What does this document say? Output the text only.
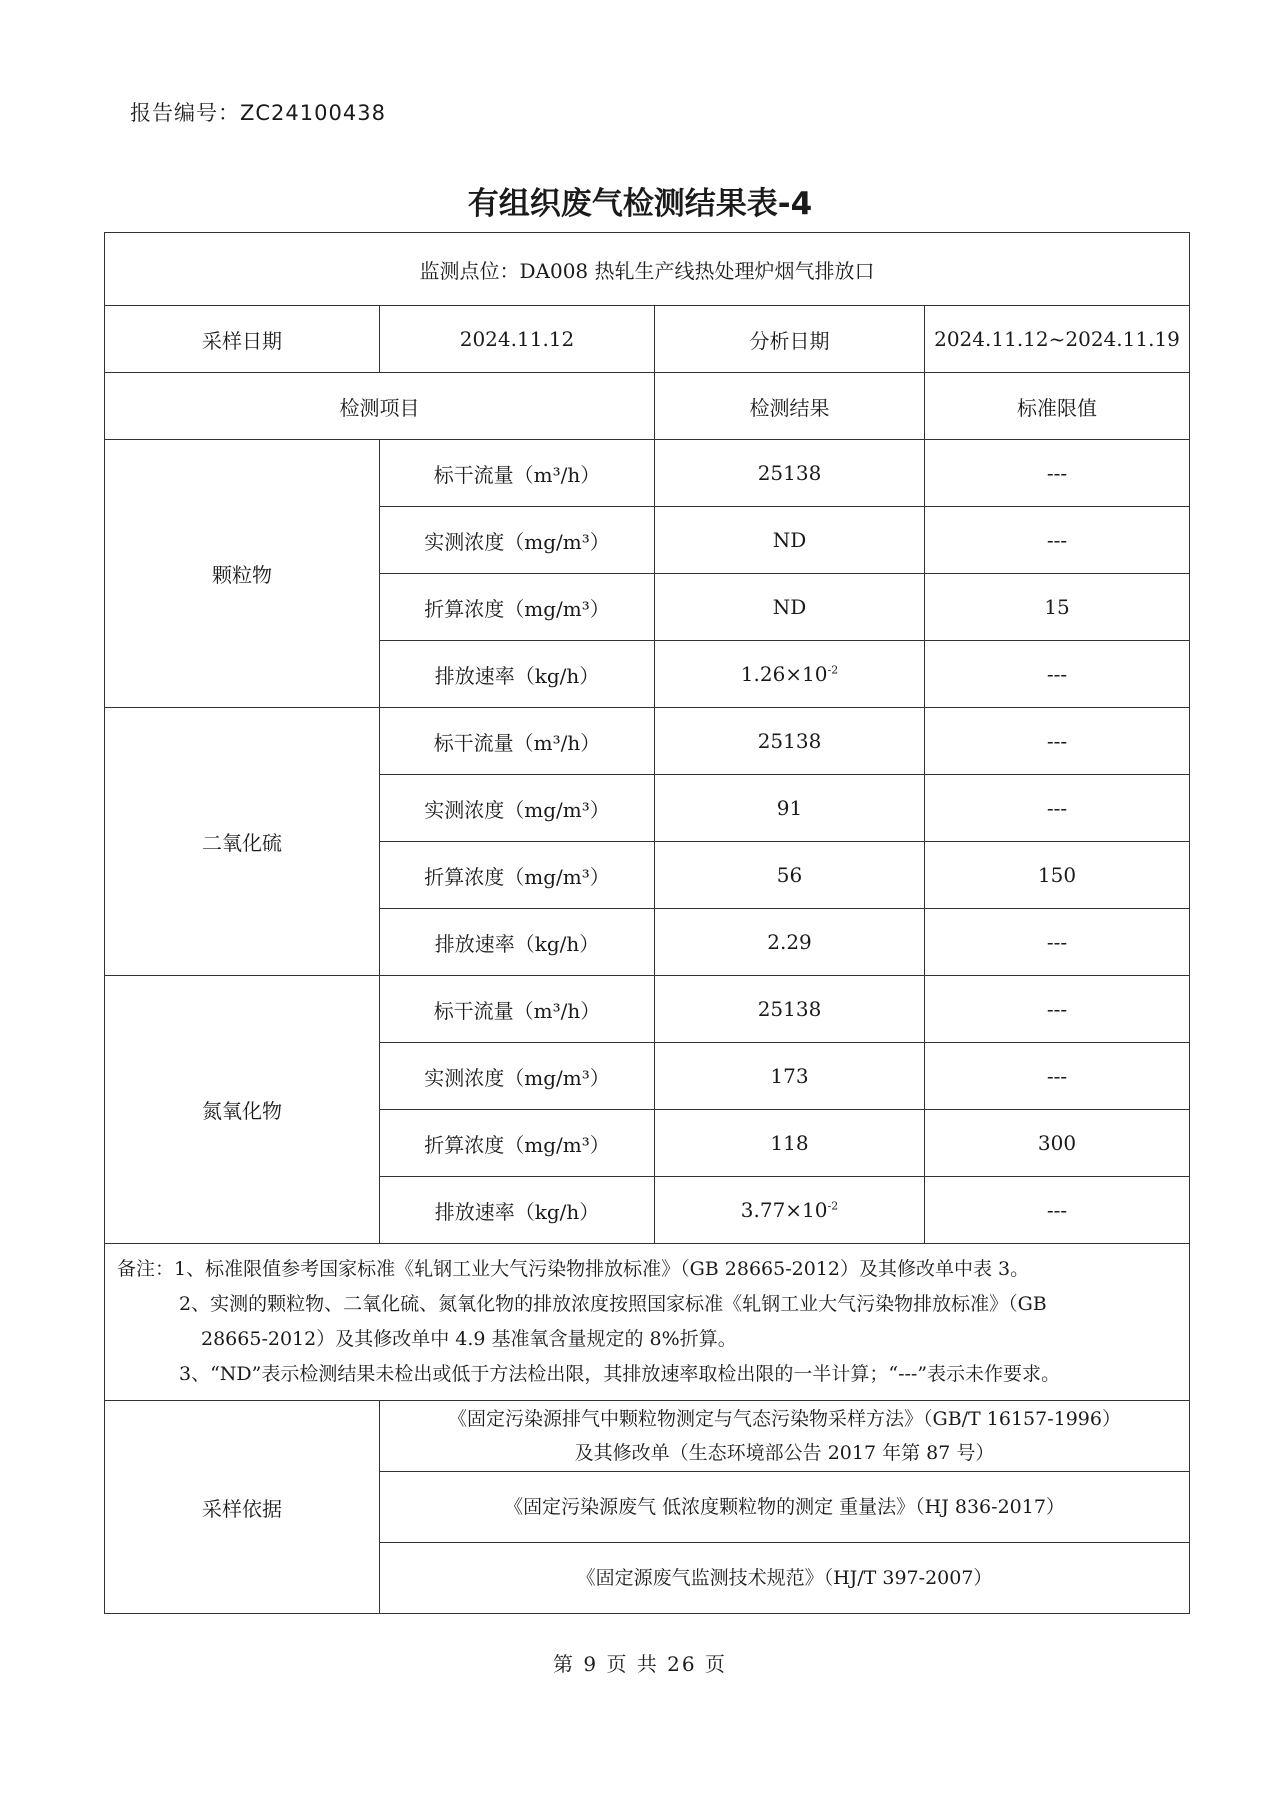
报告编号：ZC24100438
有组织废气检测结果表-4
监测点位：DA008 热轧生产线热处理炉烟气排放口			
采样日期	2024.11.12	分析日期	2024.11.12~2024.11.19
检测项目		检测结果	标准限值
颗粒物	标干流量（m³/h）	25138	---
	实测浓度（mg/m³）	ND	---
	折算浓度（mg/m³）	ND	15
	排放速率（kg/h）	$1.26\times 10^{-2}$	---
二氧化硫	标干流量（m³/h）	25138	---
	实测浓度（mg/m³）	91	---
	折算浓度（mg/m³）	56	150
	排放速率（kg/h）	2.29	---
氮氧化物	标干流量（m³/h）	25138	---
	实测浓度（mg/m³）	173	---
	折算浓度（mg/m³）	118	300
	排放速率（kg/h）	$3.77\times 10^{-2}$	---

备注：1、标准限值参考国家标准《轧钢工业大气污染物排放标准》（GB 28665-2012）及其修改单中表 3。
2、实测的颗粒物、二氧化硫、氮氧化物的排放浓度按照国家标准《轧钢工业大气污染物排放标准》（GB
28665-2012）及其修改单中 4.9 基准氧含量规定的 8%折算。
3、“ND”表示检测结果未检出或低于方法检出限，其排放速率取检出限的一半计算；“---”表示未作要求。			

采样依据	《固定污染源排气中颗粒物测定与气态污染物采样方法》（GB/T 16157-1996）
及其修改单（生态环境部公告 2017 年第 87 号）		

	《固定污染源废气 低浓度颗粒物的测定 重量法》（HJ 836-2017）		
	《固定源废气监测技术规范》（HJ/T 397-2007）		
第 9 页 共 26 页
